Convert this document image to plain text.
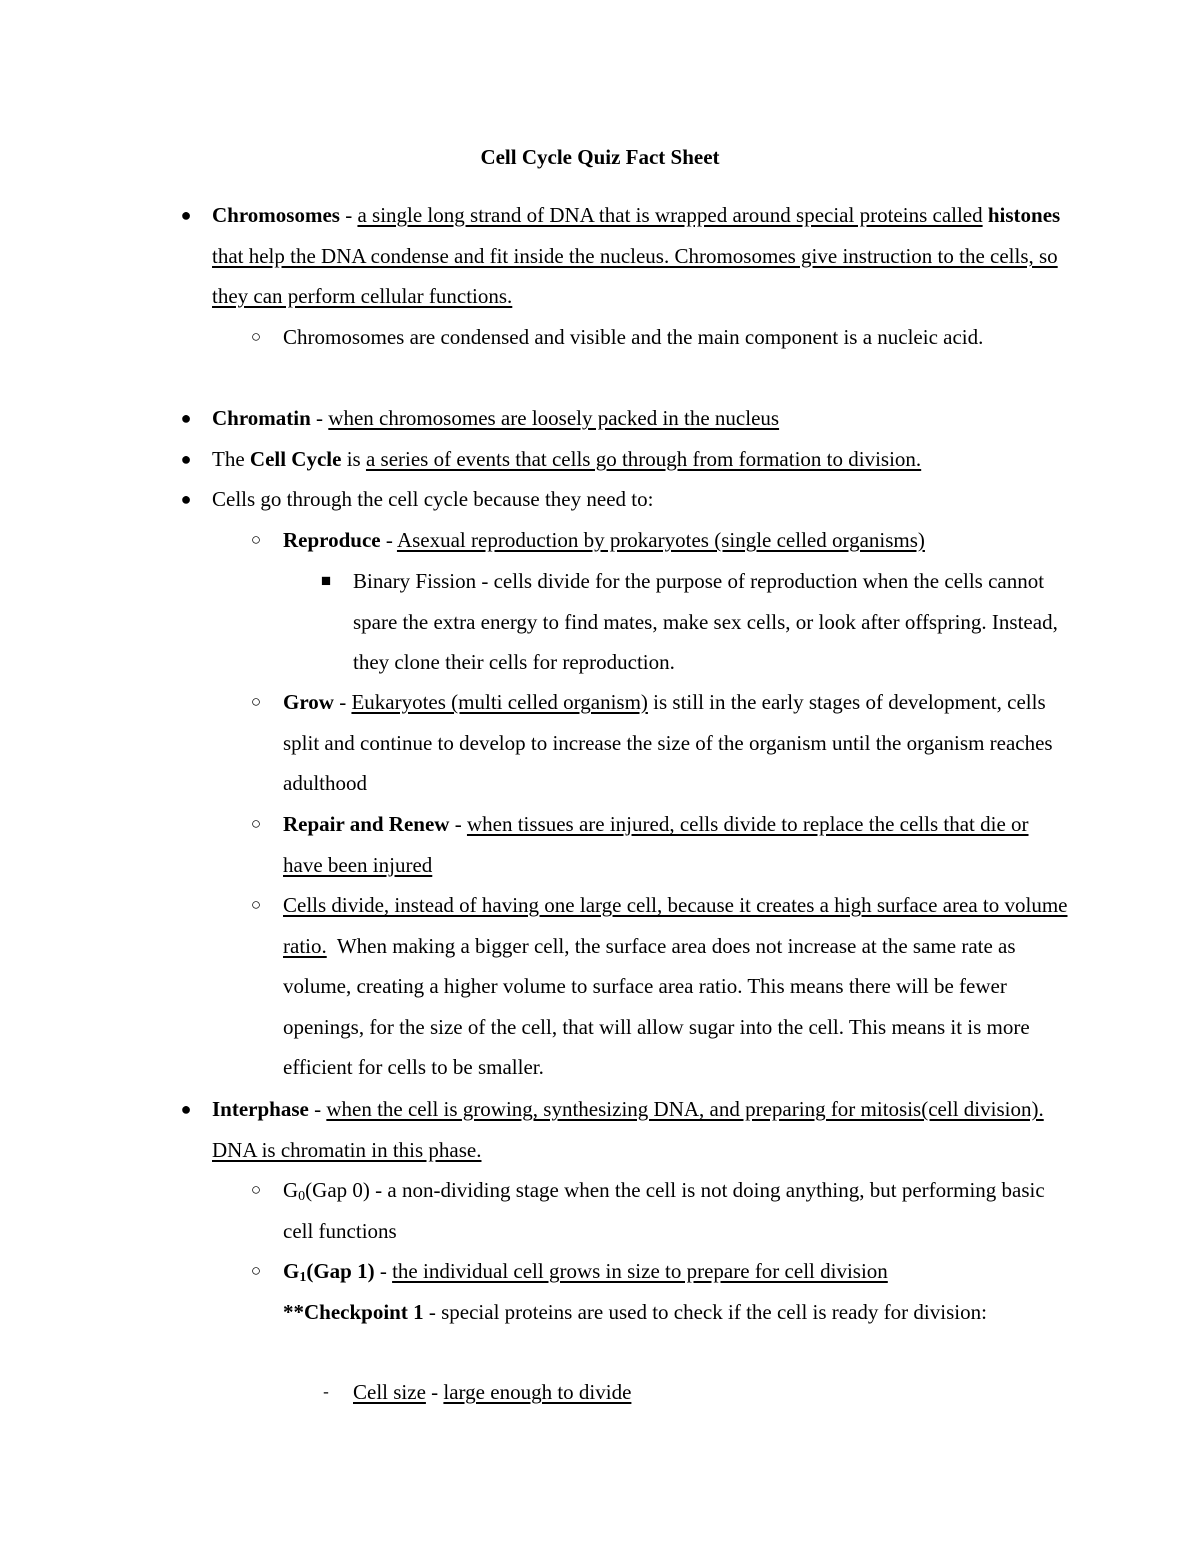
Cell Cycle Quiz Fact Sheet
● Chromosomes - a single long strand of DNA that is wrapped around special proteins called histones that help the DNA condense and fit inside the nucleus. Chromosomes give instruction to the cells, so they can perform cellular functions.
○ Chromosomes are condensed and visible and the main component is a nucleic acid.
● Chromatin - when chromosomes are loosely packed in the nucleus
● The Cell Cycle is a series of events that cells go through from formation to division.
● Cells go through the cell cycle because they need to:
○ Reproduce - Asexual reproduction by prokaryotes (single celled organisms)
■ Binary Fission - cells divide for the purpose of reproduction when the cells cannot spare the extra energy to find mates, make sex cells, or look after offspring. Instead, they clone their cells for reproduction.
○ Grow - Eukaryotes (multi celled organism) is still in the early stages of development, cells split and continue to develop to increase the size of the organism until the organism reaches adulthood
○ Repair and Renew - when tissues are injured, cells divide to replace the cells that die or have been injured
○ Cells divide, instead of having one large cell, because it creates a high surface area to volume ratio. When making a bigger cell, the surface area does not increase at the same rate as volume, creating a higher volume to surface area ratio. This means there will be fewer openings, for the size of the cell, that will allow sugar into the cell. This means it is more efficient for cells to be smaller.
● Interphase - when the cell is growing, synthesizing DNA, and preparing for mitosis(cell division). DNA is chromatin in this phase.
○ $G_0(Gap$ 0) - a non-dividing stage when the cell is not doing anything, but performing basic cell functions
○ $G_1(Gap$ 1) - the individual cell grows in size to prepare for cell division
**Checkpoint 1 - special proteins are used to check if the cell is ready for division:
-	Cell size - large enough to divide
